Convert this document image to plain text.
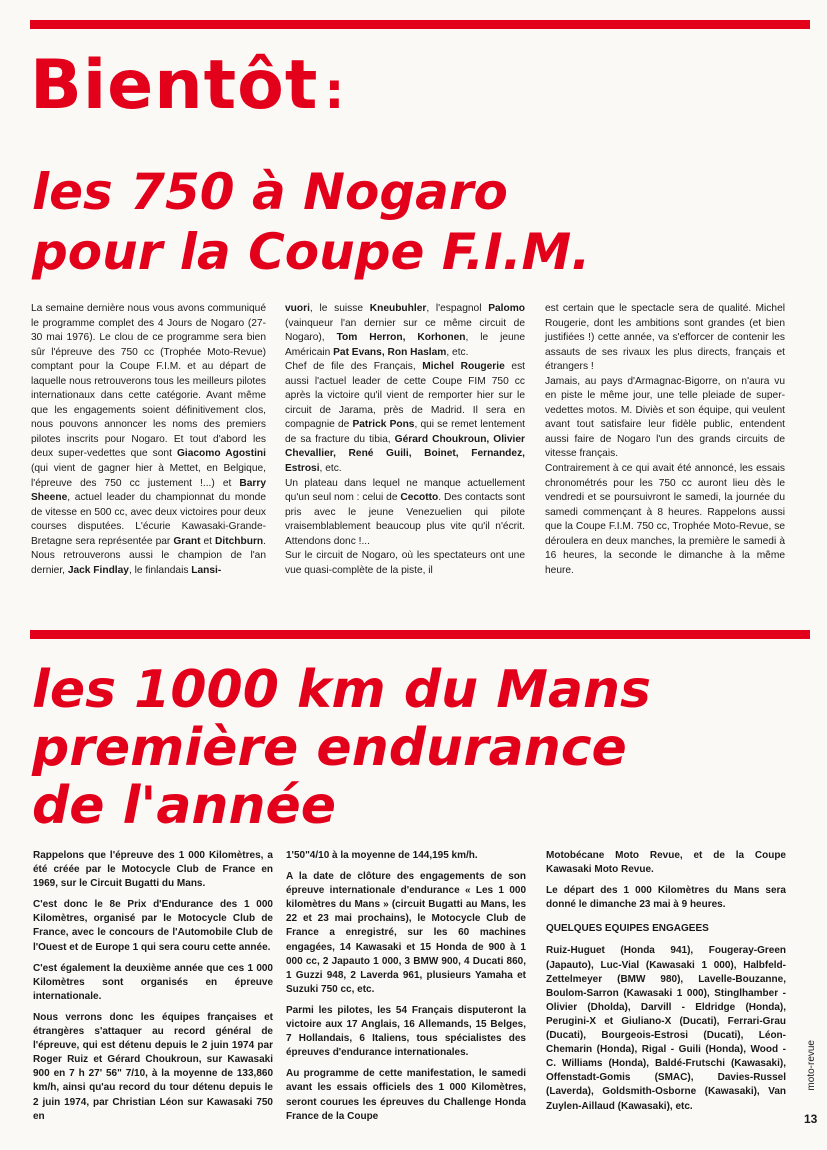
Bientôt :
les 750 à Nogaro
pour la Coupe F.I.M.
La semaine dernière nous vous avons communiqué le programme complet des 4 Jours de Nogaro (27-30 mai 1976). Le clou de ce programme sera bien sûr l'épreuve des 750 cc (Trophée Moto-Revue) comptant pour la Coupe F.I.M. et au départ de laquelle nous retrouverons tous les meilleurs pilotes internationaux dans cette catégorie. Avant même que les engagements soient définitivement clos, nous pouvons annoncer les noms des premiers pilotes inscrits pour Nogaro. Et tout d'abord les deux super-vedettes que sont Giacomo Agostini (qui vient de gagner hier à Mettet, en Belgique, l'épreuve des 750 cc justement !...) et Barry Sheene, actuel leader du championnat du monde de vitesse en 500 cc, avec deux victoires pour deux courses disputées. L'écurie Kawasaki-Grande-Bretagne sera représentée par Grant et Ditchburn. Nous retrouverons aussi le champion de l'an dernier, Jack Findlay, le finlandais Lansi-
vuori, le suisse Kneubuhler, l'espagnol Palomo (vainqueur l'an dernier sur ce même circuit de Nogaro), Tom Herron, Korhonen, le jeune Américain Pat Evans, Ron Haslam, etc.
Chef de file des Français, Michel Rougerie est aussi l'actuel leader de cette Coupe FIM 750 cc après la victoire qu'il vient de remporter hier sur le circuit de Jarama, près de Madrid. Il sera en compagnie de Patrick Pons, qui se remet lentement de sa fracture du tibia, Gérard Choukroun, Olivier Chevallier, René Guili, Boinet, Fernandez, Estrosi, etc.
Un plateau dans lequel ne manque actuellement qu'un seul nom : celui de Cecotto. Des contacts sont pris avec le jeune Venezuelien qui pilote vraisemblablement beaucoup plus vite qu'il n'écrit. Attendons donc !...
Sur le circuit de Nogaro, où les spectateurs ont une vue quasi-complète de la piste, il
est certain que le spectacle sera de qualité. Michel Rougerie, dont les ambitions sont grandes (et bien justifiées !) cette année, va s'efforcer de contenir les assauts de ses rivaux les plus directs, français et étrangers !
Jamais, au pays d'Armagnac-Bigorre, on n'aura vu en piste le même jour, une telle pleiade de super-vedettes motos. M. Diviès et son équipe, qui veulent avant tout satisfaire leur fidèle public, entendent aussi faire de Nogaro l'un des grands circuits de vitesse français.
Contrairement à ce qui avait été annoncé, les essais chronométrés pour les 750 cc auront lieu dès le vendredi et se poursuivront le samedi, la journée du samedi commençant à 8 heures. Rappelons aussi que la Coupe F.I.M. 750 cc, Trophée Moto-Revue, se déroulera en deux manches, la première le samedi à 16 heures, la seconde le dimanche à la même heure.
les 1000 km du Mans
première endurance
de l'année

Rappelons que l'épreuve des 1 000 Kilomètres, a été créée par le Motocycle Club de France en 1969, sur le Circuit Bugatti du Mans.

C'est donc le 8e Prix d'Endurance des 1 000 Kilomètres, organisé par le Motocycle Club de France, avec le concours de l'Automobile Club de l'Ouest et de Europe 1 qui sera couru cette année.

C'est également la deuxième année que ces 1 000 Kilomètres sont organisés en épreuve internationale.

Nous verrons donc les équipes françaises et étrangères s'attaquer au record général de l'épreuve, qui est détenu depuis le 2 juin 1974 par Roger Ruiz et Gérard Choukroun, sur Kawasaki 900 en 7 h 27' 56" 7/10, à la moyenne de 133,860 km/h, ainsi qu'au record du tour détenu depuis le 2 juin 1974, par Christian Léon sur Kawasaki 750 en

1'50"4/10 à la moyenne de 144,195 km/h.

A la date de clôture des engagements de son épreuve internationale d'endurance « Les 1 000 kilomètres du Mans » (circuit Bugatti au Mans, les 22 et 23 mai prochains), le Motocycle Club de France a enregistré, sur les 60 machines engagées, 14 Kawasaki et 15 Honda de 900 à 1 000 cc, 2 Japauto 1 000, 3 BMW 900, 4 Ducati 860, 1 Guzzi 948, 2 Laverda 961, plusieurs Yamaha et Suzuki 750 cc, etc.

Parmi les pilotes, les 54 Français disputeront la victoire aux 17 Anglais, 16 Allemands, 15 Belges, 7 Hollandais, 6 Italiens, tous spécialistes des épreuves d'endurance internationales.

Au programme de cette manifestation, le samedi avant les essais officiels des 1 000 Kilomètres, seront courues les épreuves du Challenge Honda France de la Coupe

Motobécane Moto Revue, et de la Coupe Kawasaki Moto Revue.

Le départ des 1 000 Kilomètres du Mans sera donné le dimanche 23 mai à 9 heures.

QUELQUES EQUIPES ENGAGEES

Ruiz-Huguet (Honda 941), Fougeray-Green (Japauto), Luc-Vial (Kawasaki 1 000), Halbfeld-Zettelmeyer (BMW 980), Lavelle-Bouzanne, Boulom-Sarron (Kawasaki 1 000), Stinglhamber - Olivier (Dholda), Darvill - Eldridge (Honda), Perugini-X et Giuliano-X (Ducati), Ferrari-Grau (Ducati), Bourgeois-Estrosi (Ducati), Léon-Chemarin (Honda), Rigal - Guili (Honda), Wood - C. Williams (Honda), Baldé-Frutschi (Kawasaki), Offenstadt-Gomis (SMAC), Davies-Russel (Laverda), Goldsmith-Osborne (Kawasaki), Van Zuylen-Aillaud (Kawasaki), etc.

moto-revue
13
